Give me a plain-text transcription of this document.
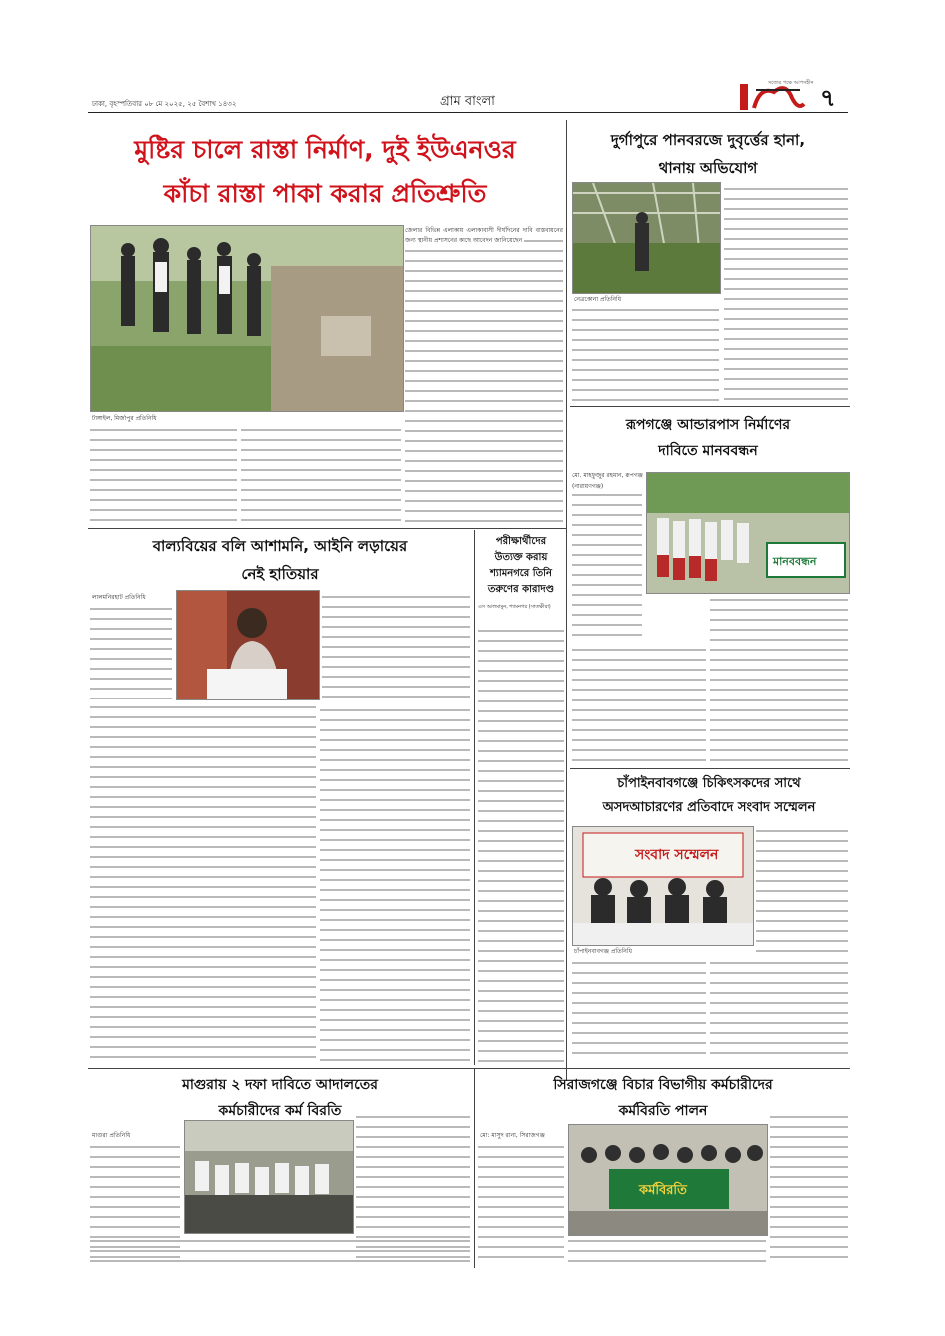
ঢাকা, বৃহস্পতিবার ০৮ মে ২০২৫, ২৫ বৈশাখ ১৪৩২	গ্রাম বাংলা
সত্যের পক্ষে আপসহীন
৭
মুষ্টির চালে রাস্তা নির্মাণ, দুই ইউএনওর
কাঁচা রাস্তা পাকা করার প্রতিশ্রুতি
টাঙ্গাইল, মির্জাপুর প্রতিনিধি
জেলার বিভিন্ন এলাকায় এলাকাবাসী দীর্ঘদিনের দাবি বাস্তবায়নের জন্য স্থানীয় প্রশাসনের কাছে আবেদন জানিয়েছেন
দুর্গাপুরে পানবরজে দুবৃর্ত্তের হানা,
থানায় অভিযোগ
নেত্রকোনা প্রতিনিধি
রূপগঞ্জে আন্ডারপাস নির্মাণের
দাবিতে মানববন্ধন
মো. মাহফুজুর রহমান, রূপগঞ্জ (নারায়ণগঞ্জ)
মানববন্ধন
বাল্যবিয়ের বলি আশামনি, আইনি লড়ায়ের
নেই হাতিয়ার
লালমনিরহাট প্রতিনিধি
পরীক্ষার্থীদের
উত্যক্ত করায়
শ্যামনগরে তিনি
তরুণের কারাদণ্ড
এস আলমামুন, শ্যামনগর (সাতক্ষীরা)
চাঁপাইনবাবগঞ্জে চিকিৎসকদের সাথে
অসদআচারণের প্রতিবাদে সংবাদ সম্মেলন
সংবাদ সম্মেলন
চাঁপাইনবাবগঞ্জ প্রতিনিধি
মাগুরায় ২ দফা দাবিতে আদালতের
কর্মচারীদের কর্ম বিরতি
মাগুরা প্রতিনিধি
সিরাজগঞ্জে বিচার বিভাগীয় কর্মচারীদের
কর্মবিরতি পালন
মো: মাসুদ রানা, সিরাজগঞ্জ
কর্মবিরতি
